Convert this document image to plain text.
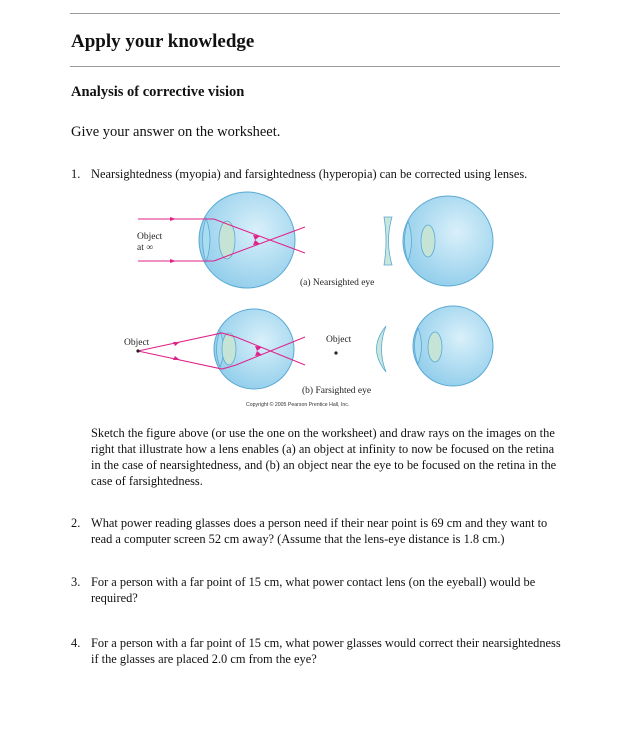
Apply your knowledge
Analysis of corrective vision
Give your answer on the worksheet.
1. Nearsightedness (myopia) and farsightedness (hyperopia) can be corrected using lenses.
Object
at ∞
(a) Nearsighted eye
Object	Object
(b) Farsighted eye
Copyright © 2005 Pearson Prentice Hall, Inc.
Sketch the figure above (or use the one on the worksheet) and draw rays on the images on the right that illustrate how a lens enables (a) an object at infinity to now be focused on the retina in the case of nearsightedness, and (b) an object near the eye to be focused on the retina in the case of farsightedness.
2. What power reading glasses does a person need if their near point is 69 cm and they want to read a computer screen 52 cm away? (Assume that the lens-eye distance is 1.8 cm.)
3. For a person with a far point of 15 cm, what power contact lens (on the eyeball) would be required?
4. For a person with a far point of 15 cm, what power glasses would correct their nearsightedness if the glasses are placed 2.0 cm from the eye?
